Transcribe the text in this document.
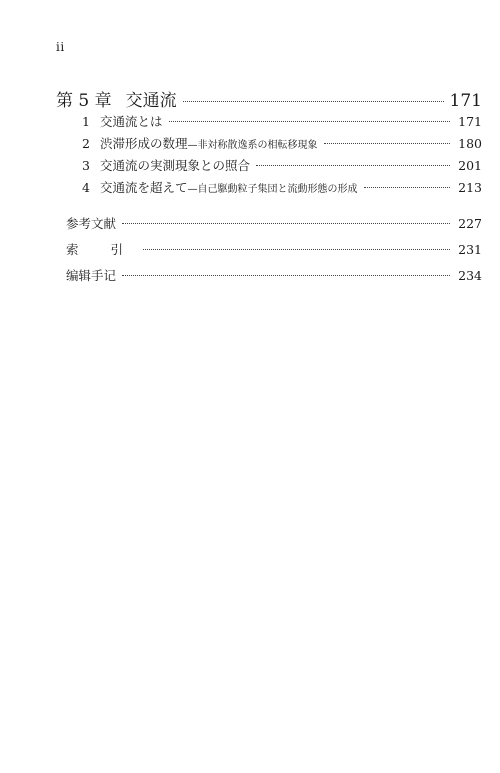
ii
第 5 章 交通流	171
1 交通流とは	171
2 渋滞形成の数理 —非対称散逸系の相転移現象	180
3 交通流の実測現象との照合	201
4 交通流を超えて —自己駆動粒子集団と流動形態の形成	213
参考文献	227
索 引	231
编辑手记	234
